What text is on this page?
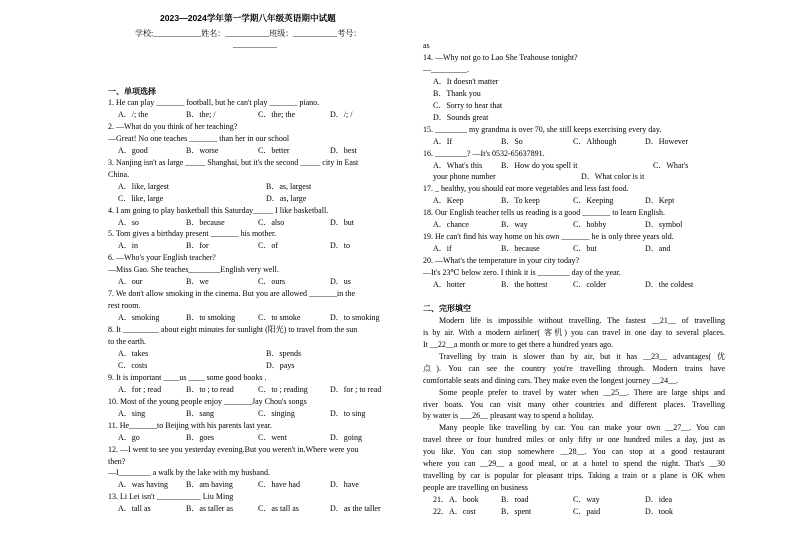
2023—2024学年第一学期八年级英语期中试题
学校:____________姓名：___________班级：___________考号：
___________
一、单项选择
1. He can play _______ football, but he can't play _______ piano.
A．/; the	B．the; /	C．the; the	D．/; /
2. —What do you think of her teaching?
—Great! No one teaches _______ than her in our school
A．good	B．worse	C．better	D．best
3. Nanjing isn't as large _____ Shanghai, but it's the second _____ city in East
China.
A．like, largest	B．as, largest
C．like, large	D．as, large
4. I am going to play basketball this Saturday_____ I like basketball.
A．so	B．because	C．also	D．but
5. Tom gives a birthday present _______ his mother.
A．in	B．for	C．of	D．to
6. —Who's your English teacher?
—Miss Gao. She teaches________English very well.
A．our	B．we	C．ours	D．us
7. We don't allow smoking in the cinema. But you are allowed _______in the
rest room.
A．smoking	B．to smoking	C．to smoke	D．to smoking
8. It _________ about eight minutes for sunlight (阳光) to travel from the sun
to the earth.
A．takes	B．spends
C．costs	D．pays
9. It is important ____us ____ some good books .
A．for ; read	B．to ; to read	C．to ; reading	D．for ; to read
10. Most of the young people enjoy _______Jay Chou's songs
A．sing	B．sang	C．singing	D．to sing
11. He_______to Beijing with his parents last year.
A．go	B．goes	C．went	D．going
12. —I went to see you yesterday evening.But you weren't in.Where were you
then?
—I________ a walk by the lake with my husband.
A．was having B．am having	C．have had	D．have
13. Li Lei isn't ___________ Liu Ming
A．tall as	B．as taller as	C．as tall as	D．as the taller
as
14. —Why not go to Lao She Teahouse tonight?
—_________.
A．It doesn't matter
B．Thank you
C．Sorry to hear that
D．Sounds great
15. ________ my grandma is over 70, she still keeps exercising every day.
A．If	B．So	C．Although	D．However
16. ________? —It's 0532-65637891.
A．What's this B．How do you spell it	C．What's
your phone number	D．What color is it
17. _ healthy, you should eat more vegetables and less fast food.
A．Keep	B．To keep	C．Keeping	D．Kept
18. Our English teacher tells us reading is a good _______ to learn English.
A．chance	B．way	C．hobby	D．symbol
19. He can't find his way home on his own _______ he is only three years old.
A．if	B．because	C．but	D．and
20. —What's the temperature in your city today?
—It's 23℃ below zero. I think it is ________ day of the year.
A．hotter	B．the hottest	C．colder	D．the coldest
二、完形填空
Modern life is impossible without travelling. The fastest __21__ of travelling
is by air. With a modern airliner( 客机) you can travel in one day to several places.
It __22__a month or more to get there a hundred years ago.
Travelling by train is slower than by air, but it has __23__ advantages( 优
点). You can see the country you're travelling through. Modern trains have
comfortable seats and dining cars. They make even the longest journey __24__.
Some people prefer to travel by water when __25__. There are large ships and
river boats. You can visit many other countries and different places. Travelling
by water is ___26__ pleasant way to spend a holiday.
Many people like travelling by car. You can make your own __27__. You can
travel three or four hundred miles or only fifty or one hundred miles a day, just as
you like. You can stop somewhere __28__. You can stop at a good restaurant
where you can __29__ a good meal, or at a hotel to spend the night. That's __30
travelling by car is popular for pleasant trips. Taking a train or a plane is OK when
people are travelling on business
21．A．book	B．road	C．way	D．idea
22．A．cost	B．spent	C．paid	D．took
